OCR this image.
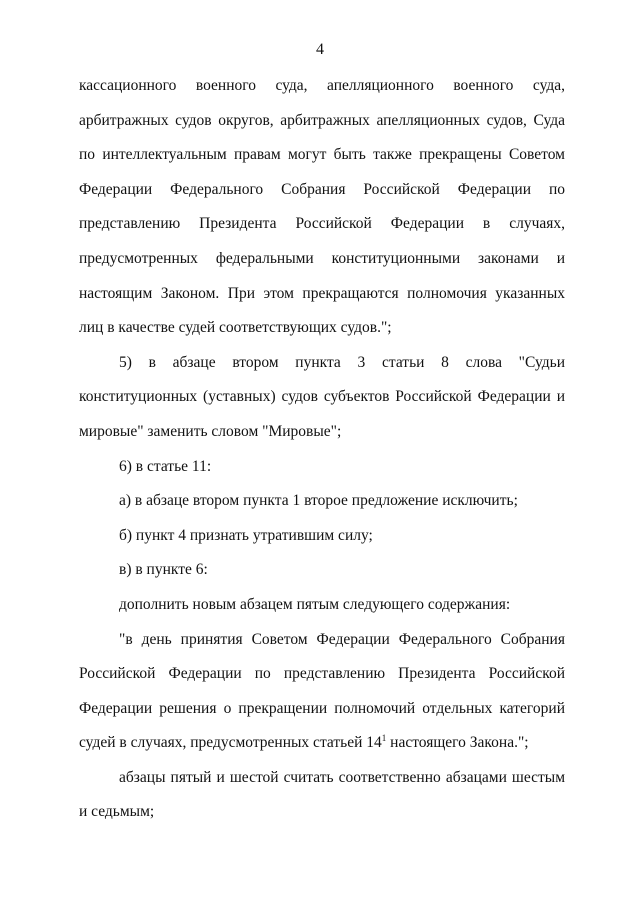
4

кассационного военного суда, апелляционного военного суда, арбитражных судов округов, арбитражных апелляционных судов, Суда по интеллектуальным правам могут быть также прекращены Советом Федерации Федерального Собрания Российской Федерации по представлению Президента Российской Федерации в случаях, предусмотренных федеральными конституционными законами и настоящим Законом. При этом прекращаются полномочия указанных лиц в качестве судей соответствующих судов.";

5) в абзаце втором пункта 3 статьи 8 слова "Судьи конституционных (уставных) судов субъектов Российской Федерации и мировые" заменить словом "Мировые";

6) в статье 11:

а) в абзаце втором пункта 1 второе предложение исключить;

б) пункт 4 признать утратившим силу;

в) в пункте 6:

дополнить новым абзацем пятым следующего содержания:

"в день принятия Советом Федерации Федерального Собрания Российской Федерации по представлению Президента Российской Федерации решения о прекращении полномочий отдельных категорий судей в случаях, предусмотренных статьей $14^1$ настоящего Закона.";

абзацы пятый и шестой считать соответственно абзацами шестым и седьмым;
